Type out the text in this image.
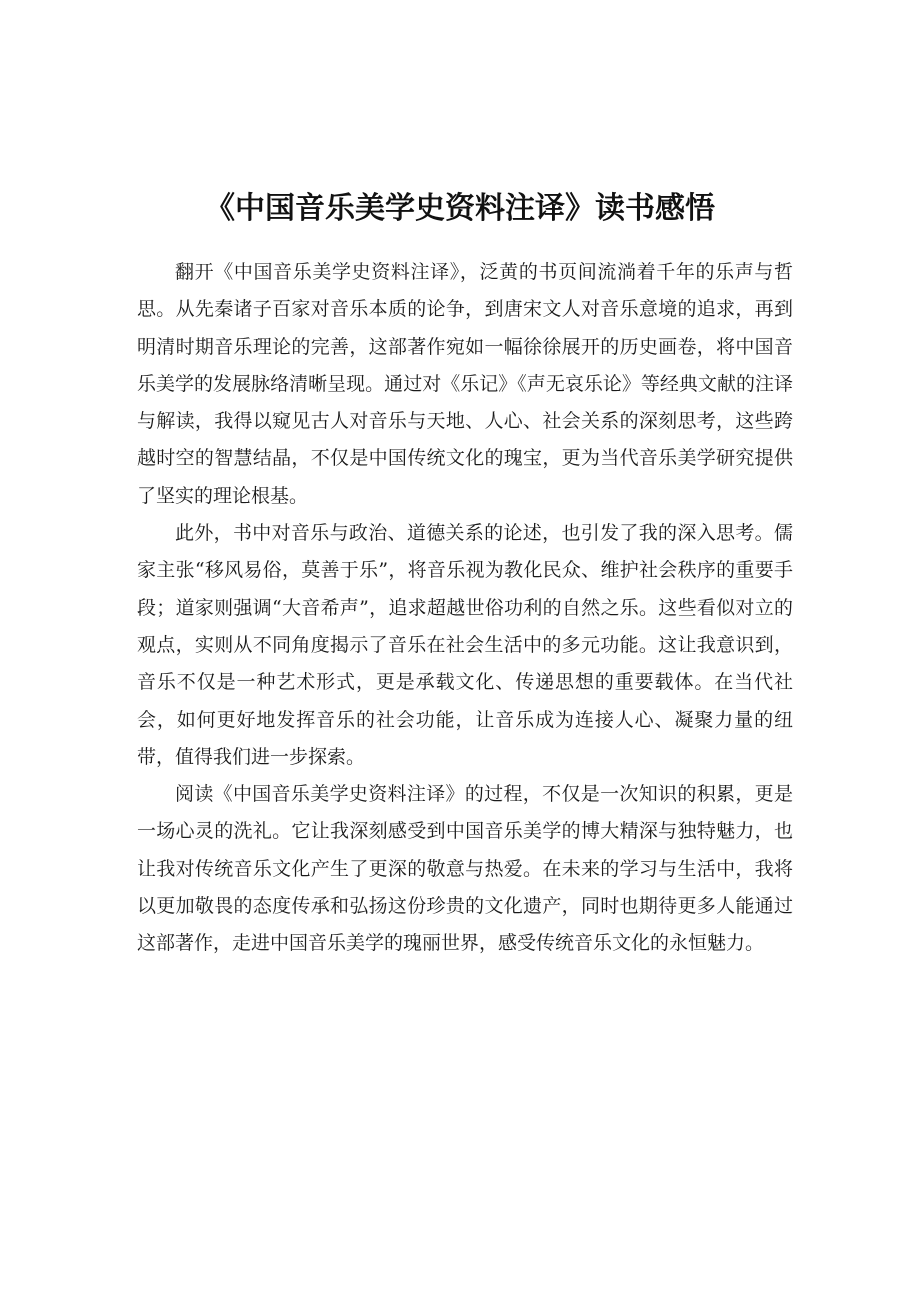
《中国音乐美学史资料注译》读书感悟

翻开《中国音乐美学史资料注译》，泛黄的书页间流淌着千年的乐声与哲思。从先秦诸子百家对音乐本质的论争，到唐宋文人对音乐意境的追求，再到明清时期音乐理论的完善，这部著作宛如一幅徐徐展开的历史画卷，将中国音乐美学的发展脉络清晰呈现。通过对《乐记》《声无哀乐论》等经典文献的注译与解读，我得以窥见古人对音乐与天地、人心、社会关系的深刻思考，这些跨越时空的智慧结晶，不仅是中国传统文化的瑰宝，更为当代音乐美学研究提供了坚实的理论根基。

此外，书中对音乐与政治、道德关系的论述，也引发了我的深入思考。儒家主张“移风易俗，莫善于乐”，将音乐视为教化民众、维护社会秩序的重要手段；道家则强调“大音希声”，追求超越世俗功利的自然之乐。这些看似对立的观点，实则从不同角度揭示了音乐在社会生活中的多元功能。这让我意识到，音乐不仅是一种艺术形式，更是承载文化、传递思想的重要载体。在当代社会，如何更好地发挥音乐的社会功能，让音乐成为连接人心、凝聚力量的纽带，值得我们进一步探索。

阅读《中国音乐美学史资料注译》的过程，不仅是一次知识的积累，更是一场心灵的洗礼。它让我深刻感受到中国音乐美学的博大精深与独特魅力，也让我对传统音乐文化产生了更深的敬意与热爱。在未来的学习与生活中，我将以更加敬畏的态度传承和弘扬这份珍贵的文化遗产，同时也期待更多人能通过这部著作，走进中国音乐美学的瑰丽世界，感受传统音乐文化的永恒魅力。
